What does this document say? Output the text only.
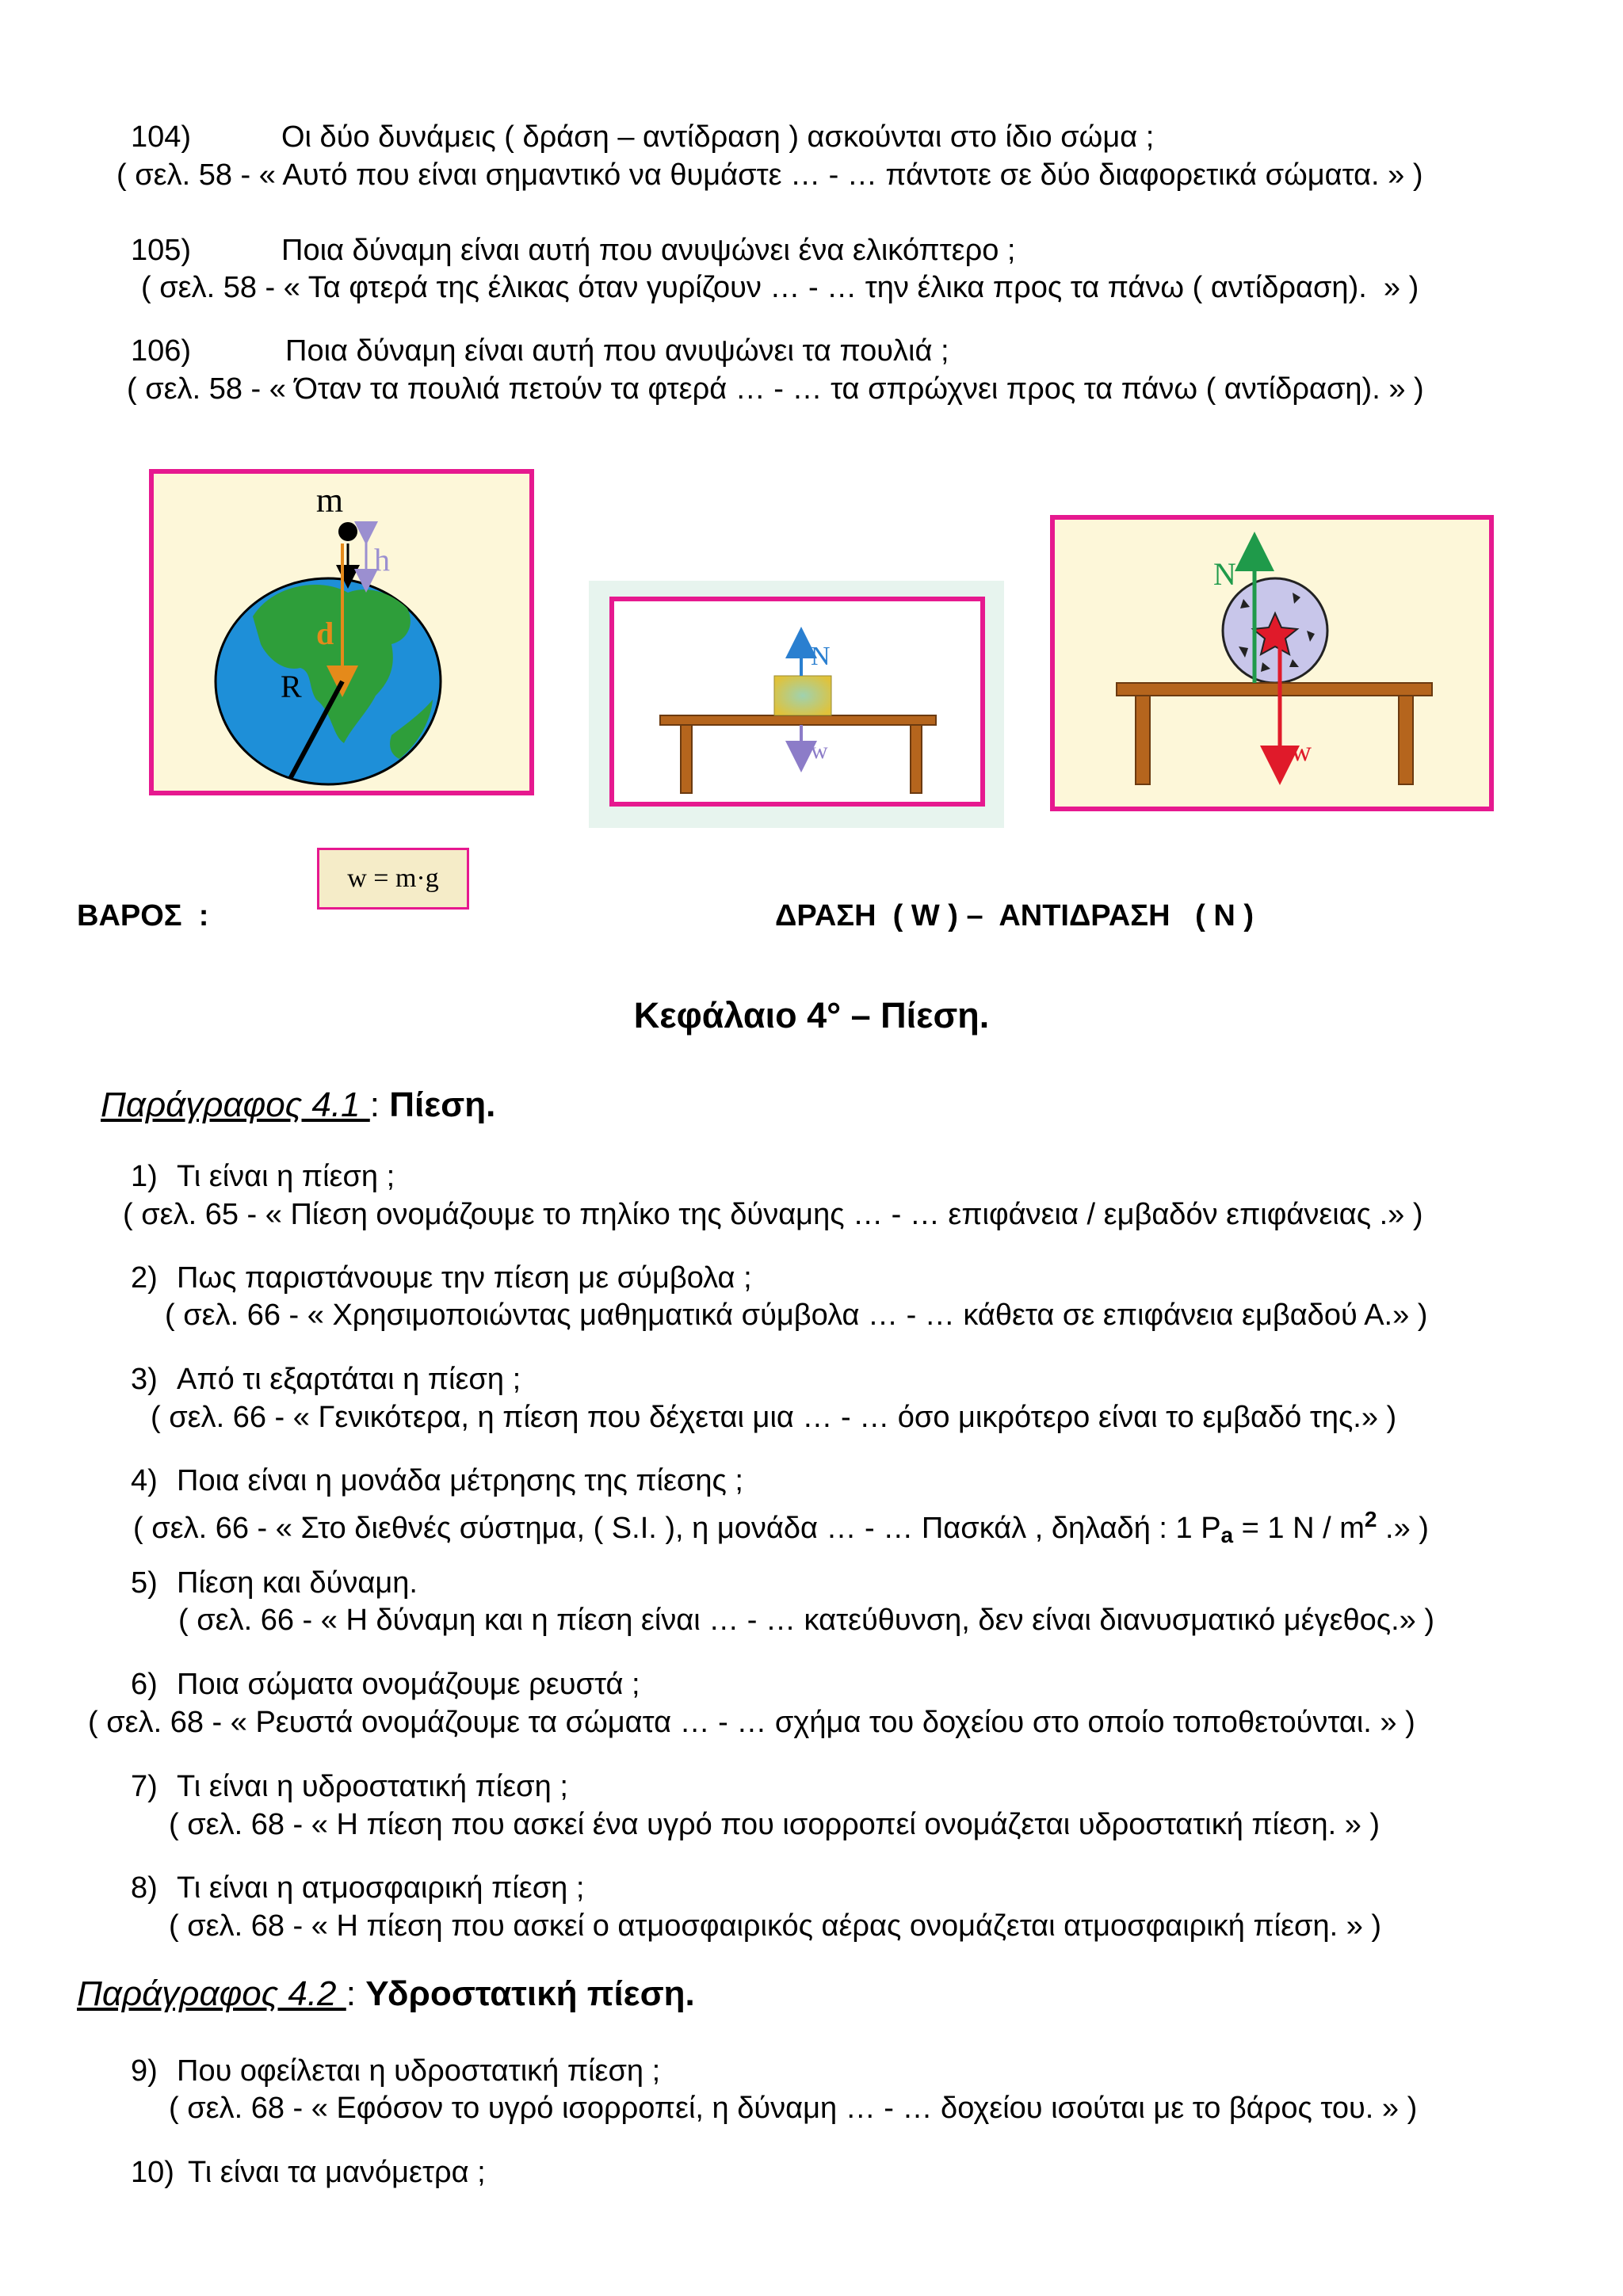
104)	Οι δύο δυνάμεις ( δράση – αντίδραση ) ασκούνται στο ίδιο σώμα ;
( σελ. 58 - « Αυτό που είναι σημαντικό να θυμάστε … - … πάντοτε σε δύο διαφορετικά σώματα. » )
105)	Ποια δύναμη είναι αυτή που ανυψώνει ένα ελικόπτερο ;
( σελ. 58 - « Τα φτερά της έλικας όταν γυρίζουν … - … την έλικα προς τα πάνω ( αντίδραση).  » )
106)	Ποια δύναμη είναι αυτή που ανυψώνει τα πουλιά ;
( σελ. 58 - « Όταν τα πουλιά πετούν τα φτερά … - … τα σπρώχνει προς τα πάνω ( αντίδραση). » )
m
h
d
R
N
w
N
w
w = m·g
ΒΑΡΟΣ  :	ΔΡΑΣΗ  ( W ) –  ΑΝΤΙΔΡΑΣΗ   ( N )
Κεφάλαιο 4° – Πίεση.
Παράγραφος 4.1 : Πίεση.
1) Τι είναι η πίεση ;
( σελ. 65 - « Πίεση ονομάζουμε το πηλίκο της δύναμης … - … επιφάνεια / εμβαδόν επιφάνειας .» )
2) Πως παριστάνουμε την πίεση με σύμβολα ;
( σελ. 66 - « Χρησιμοποιώντας μαθηματικά σύμβολα … - … κάθετα σε επιφάνεια εμβαδού Α.» )
3) Από τι εξαρτάται η πίεση ;
( σελ. 66 - « Γενικότερα, η πίεση που δέχεται μια … - … όσο μικρότερο είναι το εμβαδό της.» )
4) Ποια είναι η μονάδα μέτρησης της πίεσης ;
( σελ. 66 - « Στο διεθνές σύστημα, ( S.I. ), η μονάδα … - … Πασκάλ , δηλαδή : 1 Pa = 1 N / $m^2$ .» )
5) Πίεση και δύναμη.
( σελ. 66 - « Η δύναμη και η πίεση είναι … - … κατεύθυνση, δεν είναι διανυσματικό μέγεθος.» )
6) Ποια σώματα ονομάζουμε ρευστά ;
( σελ. 68 - « Ρευστά ονομάζουμε τα σώματα … - … σχήμα του δοχείου στο οποίο τοποθετούνται. » )
7) Τι είναι η υδροστατική πίεση ;
( σελ. 68 - « Η πίεση που ασκεί ένα υγρό που ισορροπεί ονομάζεται υδροστατική πίεση. » )
8) Τι είναι η ατμοσφαιρική πίεση ;
( σελ. 68 - « Η πίεση που ασκεί ο ατμοσφαιρικός αέρας ονομάζεται ατμοσφαιρική πίεση. » )
Παράγραφος 4.2 : Υδροστατική πίεση.
9) Που οφείλεται η υδροστατική πίεση ;
( σελ. 68 - « Εφόσον το υγρό ισορροπεί, η δύναμη … - … δοχείου ισούται με το βάρος του. » )
10) Τι είναι τα μανόμετρα ;
